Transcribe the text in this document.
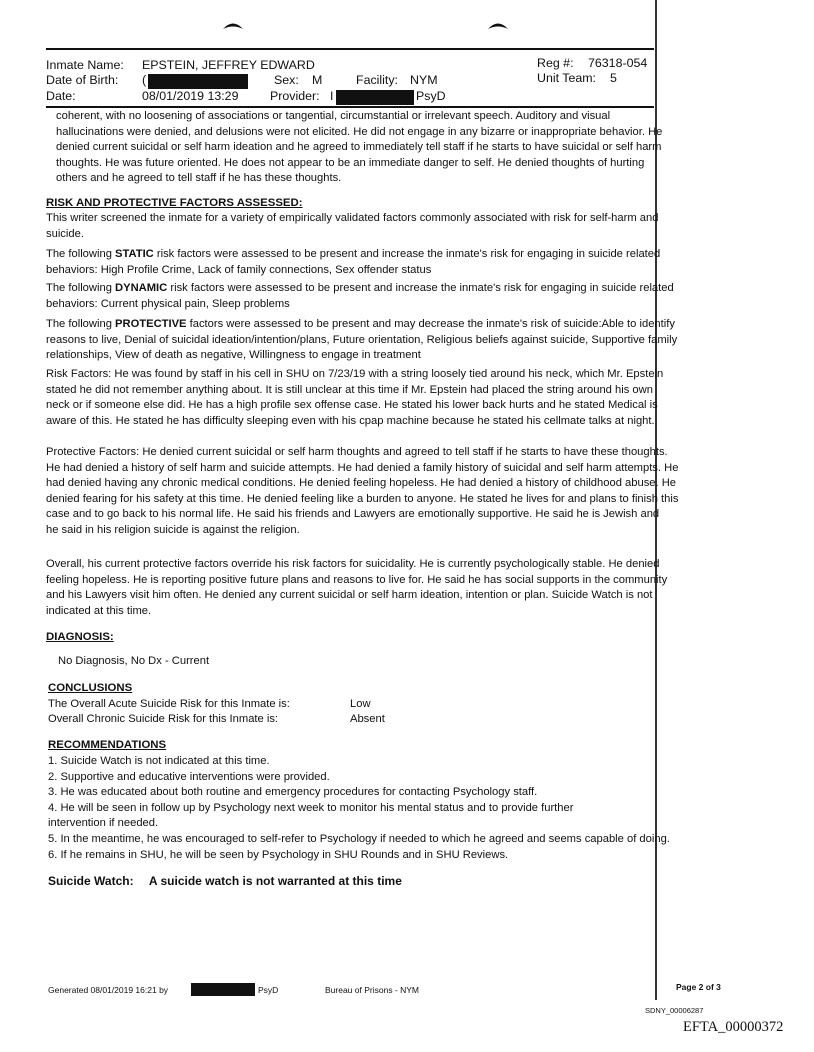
Inmate Name: EPSTEIN, JEFFREY EDWARD	Reg #: 76318-054
Date of Birth: (	Sex: M	Facility: NYM	Unit Team: 5
Date:	08/01/2019 13:29	Provider: I	PsyD
coherent, with no loosening of associations or tangential, circumstantial or irrelevant speech. Auditory and visual
hallucinations were denied, and delusions were not elicited. He did not engage in any bizarre or inappropriate behavior. He
denied current suicidal or self harm ideation and he agreed to immediately tell staff if he starts to have suicidal or self harm
thoughts. He was future oriented. He does not appear to be an immediate danger to self. He denied thoughts of hurting
others and he agreed to tell staff if he has these thoughts.
RISK AND PROTECTIVE FACTORS ASSESSED:
This writer screened the inmate for a variety of empirically validated factors commonly associated with risk for self-harm and
suicide.
The following STATIC risk factors were assessed to be present and increase the inmate's risk for engaging in suicide related
behaviors: High Profile Crime, Lack of family connections, Sex offender status
The following DYNAMIC risk factors were assessed to be present and increase the inmate's risk for engaging in suicide related
behaviors: Current physical pain, Sleep problems
The following PROTECTIVE factors were assessed to be present and may decrease the inmate's risk of suicide:Able to identify
reasons to live, Denial of suicidal ideation/intention/plans, Future orientation, Religious beliefs against suicide, Supportive family
relationships, View of death as negative, Willingness to engage in treatment
Risk Factors: He was found by staff in his cell in SHU on 7/23/19 with a string loosely tied around his neck, which Mr. Epstein
stated he did not remember anything about. It is still unclear at this time if Mr. Epstein had placed the string around his own
neck or if someone else did. He has a high profile sex offense case. He stated his lower back hurts and he stated Medical is
aware of this. He stated he has difficulty sleeping even with his cpap machine because he stated his cellmate talks at night.
Protective Factors: He denied current suicidal or self harm thoughts and agreed to tell staff if he starts to have these thoughts.
He had denied a history of self harm and suicide attempts. He had denied a family history of suicidal and self harm attempts. He
had denied having any chronic medical conditions. He denied feeling hopeless. He had denied a history of childhood abuse. He
denied fearing for his safety at this time. He denied feeling like a burden to anyone. He stated he lives for and plans to finish this
case and to go back to his normal life. He said his friends and Lawyers are emotionally supportive. He said he is Jewish and
he said in his religion suicide is against the religion.
Overall, his current protective factors override his risk factors for suicidality. He is currently psychologically stable. He denied
feeling hopeless. He is reporting positive future plans and reasons to live for. He said he has social supports in the community
and his Lawyers visit him often. He denied any current suicidal or self harm ideation, intention or plan. Suicide Watch is not
indicated at this time.
DIAGNOSIS:
No Diagnosis, No Dx - Current
CONCLUSIONS
The Overall Acute Suicide Risk for this Inmate is:	Low
Overall Chronic Suicide Risk for this Inmate is:	Absent
RECOMMENDATIONS
1. Suicide Watch is not indicated at this time.
2. Supportive and educative interventions were provided.
3. He was educated about both routine and emergency procedures for contacting Psychology staff.
4. He will be seen in follow up by Psychology next week to monitor his mental status and to provide further
intervention if needed.
5. In the meantime, he was encouraged to self-refer to Psychology if needed to which he agreed and seems capable of doing.
6. If he remains in SHU, he will be seen by Psychology in SHU Rounds and in SHU Reviews.
Suicide Watch: A suicide watch is not warranted at this time
Generated 08/01/2019 16:21 by	PsyD	Bureau of Prisons - NYM	Page 2 of 3
SDNY_00006287
EFTA_00000372
